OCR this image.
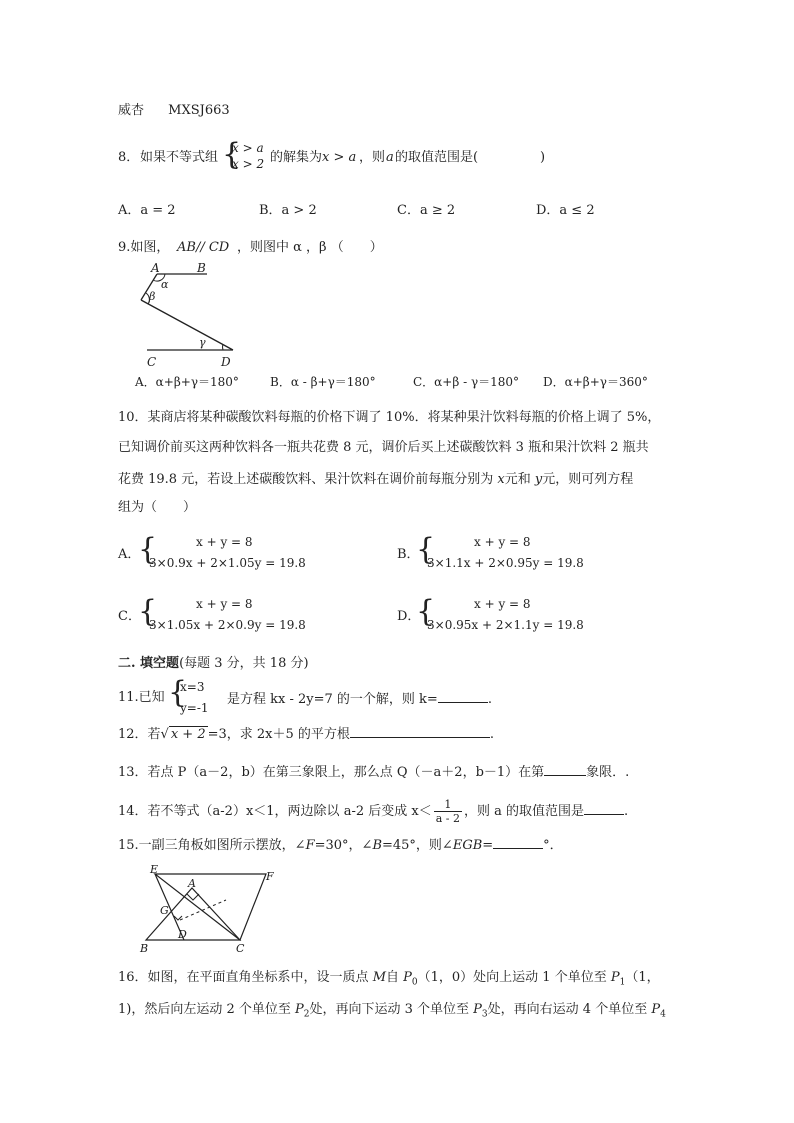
威杏 MXSJ663
8． 如果不等式组 {
x > a
x > 2 的解集为 x > a ，则 a 的取值范围是(	)
A．a = 2	B．a > 2	C．a ≥ 2	D．a ≤ 2
9.如图， AB// CD ，则图中 α ，β （　　）
A	B
α
β
γ
C	D
A．α+β+γ＝180°	B．α - β+γ＝180°	C．α+β - γ＝180° D．α+β+γ＝360°
10．某商店将某种碳酸饮料每瓶的价格下调了 10%．将某种果汁饮料每瓶的价格上调了 5%，
已知调价前买这两种饮料各一瓶共花费 8 元，调价后买上述碳酸饮料 3 瓶和果汁饮料 2 瓶共
花费 19.8 元，若设上述碳酸饮料、果汁饮料在调价前每瓶分别为 x元和 y元，则可列方程
组为（　　）
A．
{	x + y = 8
3×0.9x + 2×1.05y = 19.8
B．
{	x + y = 8
3×1.1x + 2×0.95y = 19.8
C．
{	x + y = 8
3×1.05x + 2×0.9y = 19.8
D．
{	x + y = 8
3×0.95x + 2×1.1y = 19.8
二. 填空题(每题 3 分，共 18 分)
11.已知 {
x=3
y=-1
是方程 kx - 2y=7 的一个解，则 k=	.
12．若√ x + 2 =3，求 2x＋5 的平方根	.
13．若点 P（a－2，b）在第三象限上，那么点 Q（－a＋2，b－1）在第	象限．.
14．若不等式（a-2）x＜1，两边除以 a-2 后变成 $x< \frac{1}{a - 2}$ ，则 a 的取值范围是	.
15.一副三角板如图所示摆放，∠F=30°，∠B=45°，则∠EGB=	°．
E
F
A
G
D
B	C
16．如图，在平面直角坐标系中，设一质点 M自 $P_0(1$，0）处向上运动 1 个单位至 $P_1(1$，
1)，然后向左运动 2 个单位至 $P_2$处，再向下运动 3 个单位至 $P_3$处，再向右运动 4 个单位至 $P_4$
